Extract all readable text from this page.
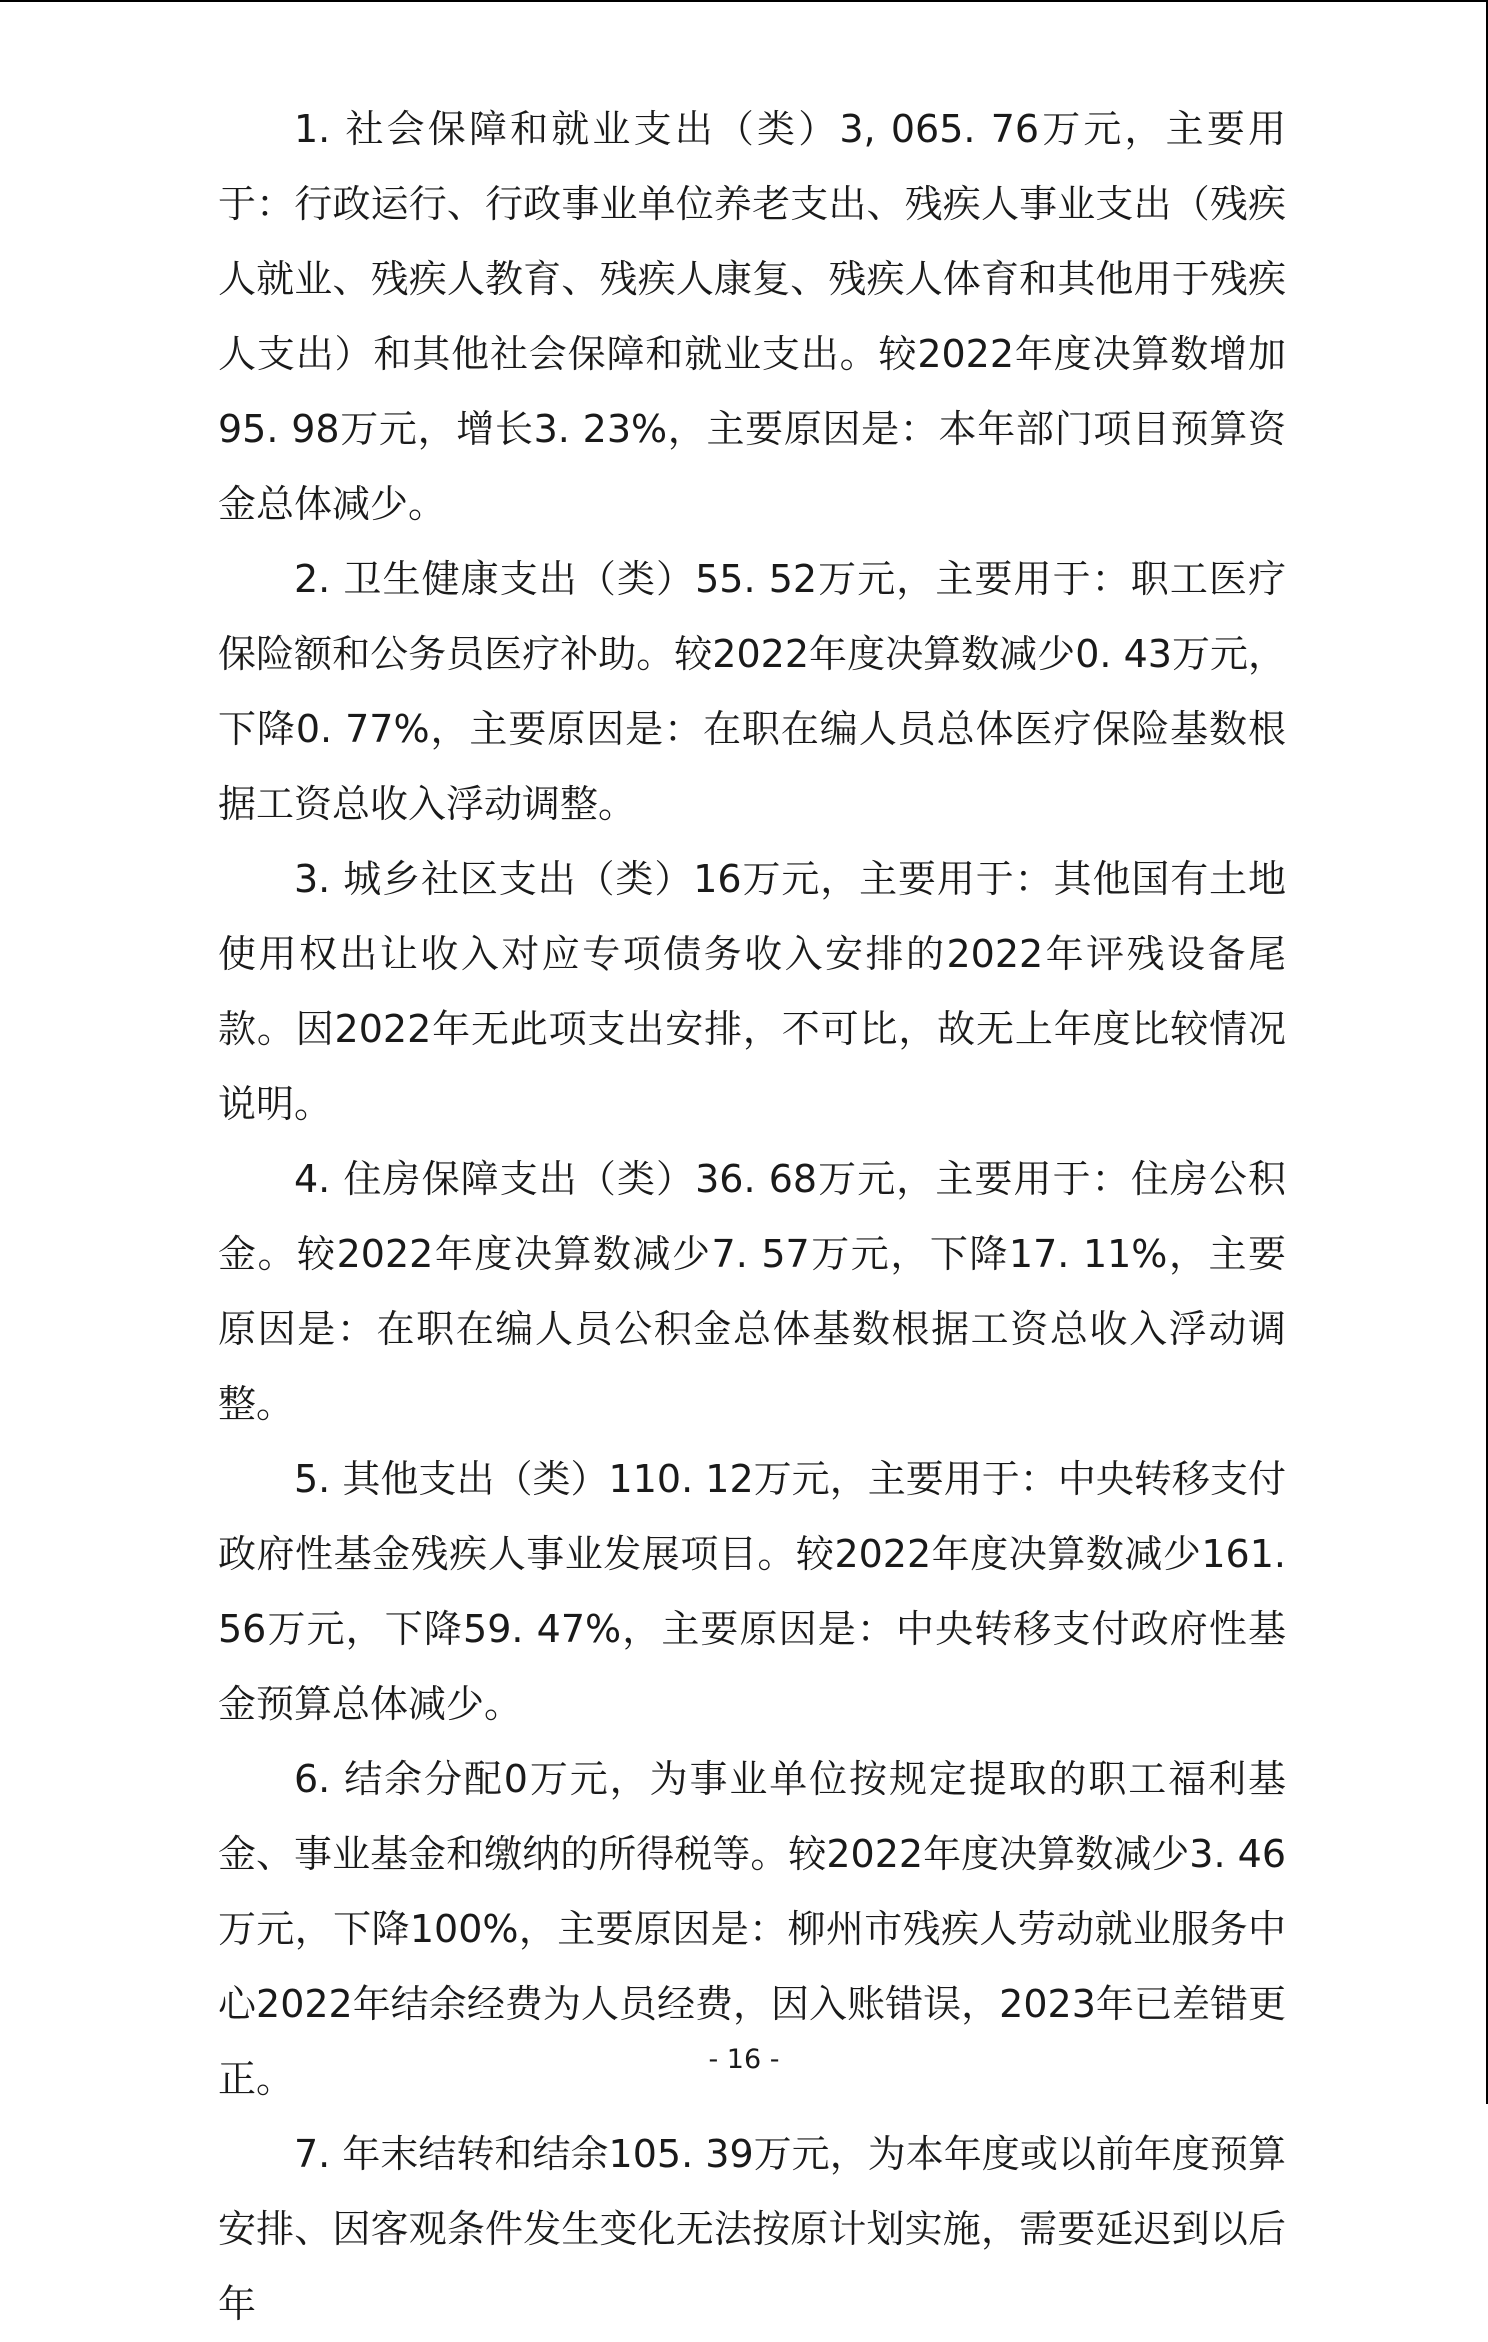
1. 社会保障和就业支出（类）3, 065. 76万元，主要用于：行政运行、行政事业单位养老支出、残疾人事业支出（残疾人就业、残疾人教育、残疾人康复、残疾人体育和其他用于残疾人支出）和其他社会保障和就业支出。较2022年度决算数增加95. 98万元，增长3. 23%，主要原因是：本年部门项目预算资金总体减少。

2. 卫生健康支出（类）55. 52万元，主要用于：职工医疗保险额和公务员医疗补助。较2022年度决算数减少0. 43万元，下降0. 77%，主要原因是：在职在编人员总体医疗保险基数根据工资总收入浮动调整。

3. 城乡社区支出（类）16万元，主要用于：其他国有土地使用权出让收入对应专项债务收入安排的2022年评残设备尾款。因2022年无此项支出安排，不可比，故无上年度比较情况说明。

4. 住房保障支出（类）36. 68万元，主要用于：住房公积金。较2022年度决算数减少7. 57万元，下降17. 11%，主要原因是：在职在编人员公积金总体基数根据工资总收入浮动调整。

5. 其他支出（类）110. 12万元，主要用于：中央转移支付政府性基金残疾人事业发展项目。较2022年度决算数减少161. 56万元，下降59. 47%，主要原因是：中央转移支付政府性基金预算总体减少。

6. 结余分配0万元，为事业单位按规定提取的职工福利基金、事业基金和缴纳的所得税等。较2022年度决算数减少3. 46万元，下降100%，主要原因是：柳州市残疾人劳动就业服务中心2022年结余经费为人员经费，因入账错误，2023年已差错更正。

7. 年末结转和结余105. 39万元，为本年度或以前年度预算安排、因客观条件发生变化无法按原计划实施，需要延迟到以后年

- 16 -
